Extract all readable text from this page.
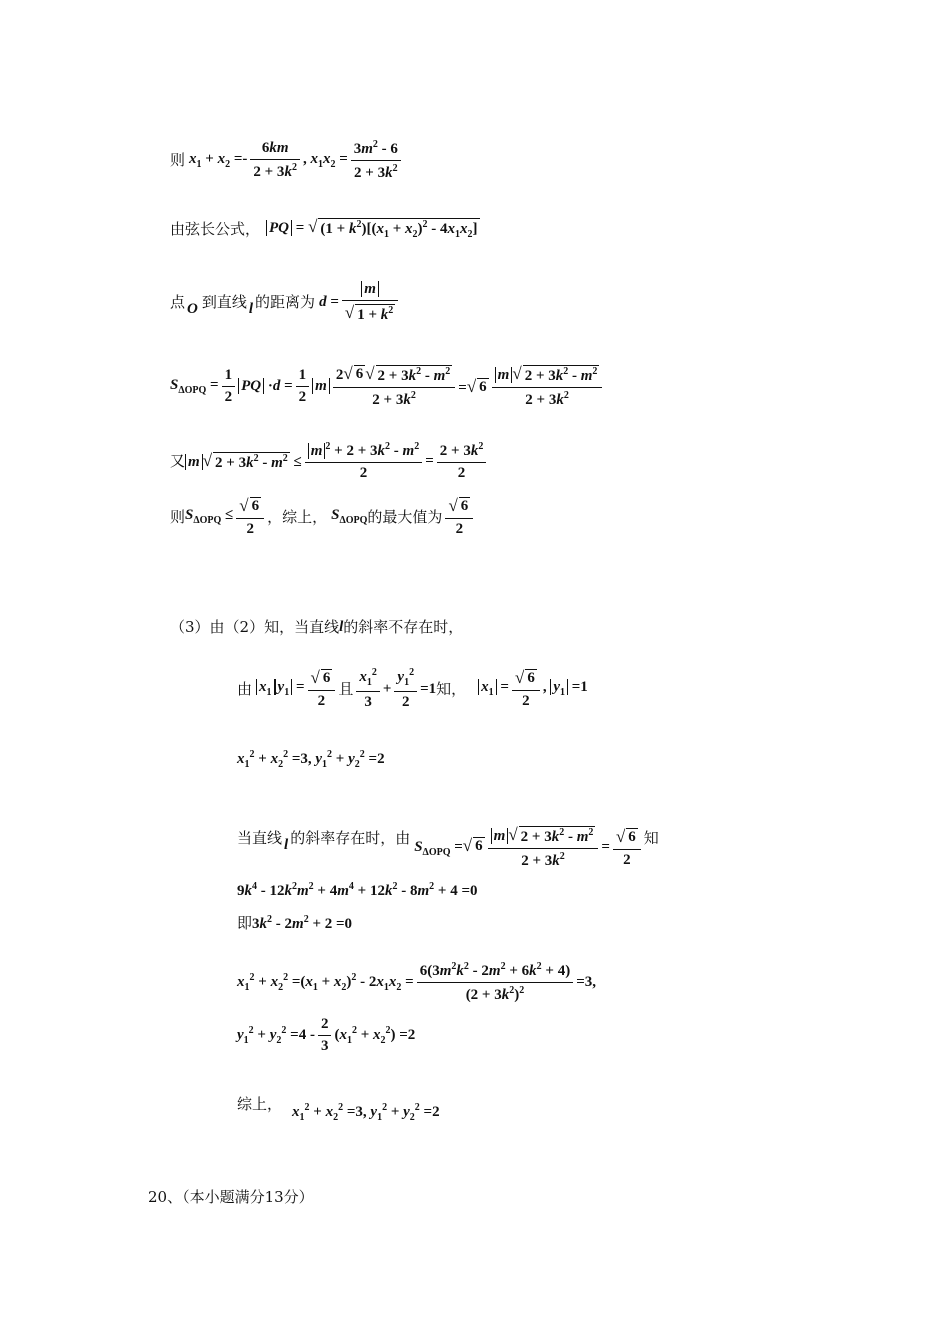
则 $x_1 + x_2 =- \frac{6km}{2 + 3k^2}$ , $x_1x_2 = \frac{3m^2 - 6}{2 + 3k^2}$
由弦长公式， PQ = √ $(1 + k^2)[(x_1 + x_2)^2 - 4x_1x_2]$
点 O 到直线 l 的距离为 $d = \frac{m}{√ 1 + k^2}$
$S_{\Delta OPQ} = \frac{1}{2}$ PQ $\cdot d = \frac{1}{2}$ m $\frac{2 √ 6 √ 2 + 3k^2 - m^2}{2 + 3k^2}$ = √ $6 \frac{m √ 2 + 3k^2 - m^2}{2 + 3k^2}$
又 m √ $2 + 3k^2 - m^2 \le \frac{m ^2 + 2 + 3k^2 - m^2}{2} = \frac{2 + 3k^2}{2}$
则 $S_{\Delta OPQ} \le \frac{√ 6}{2}$ ，综上， $S_{\Delta OPQ}$ 的最大值为 $\frac{√ 6}{2}$
（3）由（2）知，当直线 l 的斜率不存在时，
由 $x_1$ $y_1 = \frac{√ 6}{2}$ 且 $\frac{x_1^2}{3} + \frac{y_1^2}{2} =1$ 知， $x_1 = \frac{√ 6}{2}$ , $y_1 =1$
$x_1^2 + x_2^2 =3$, $y_1^2 + y_2^2 =2$
当直线 l 的斜率存在时，由 $S_{\Delta OPQ}$ = √ $6 \frac{m √ 2 + 3k^2 - m^2}{2 + 3k^2} = \frac{√ 6}{2}$ 知
$9k^4 - 12k^2m^2 + 4m^4 + 12k^2 - 8m^2 + 4 =0$
即 $3k^2 - 2m^2 + 2 =0$
$x_1^2 + x_2^2 =(x_1 + x_2)^2 - 2x_1x_2 = \frac{6(3m^2k^2 - 2m^2 + 6k^2 + 4)}{(2 + 3k^2)^2} =3$,
$y_1^2 + y_2^2 =4 - \frac{2}{3} (x_1^2 + x_2^2) =2$
综上， $x_1^2 + x_2^2 =3$, $y_1^2 + y_2^2 =2$
20、（本小题满分13分）
